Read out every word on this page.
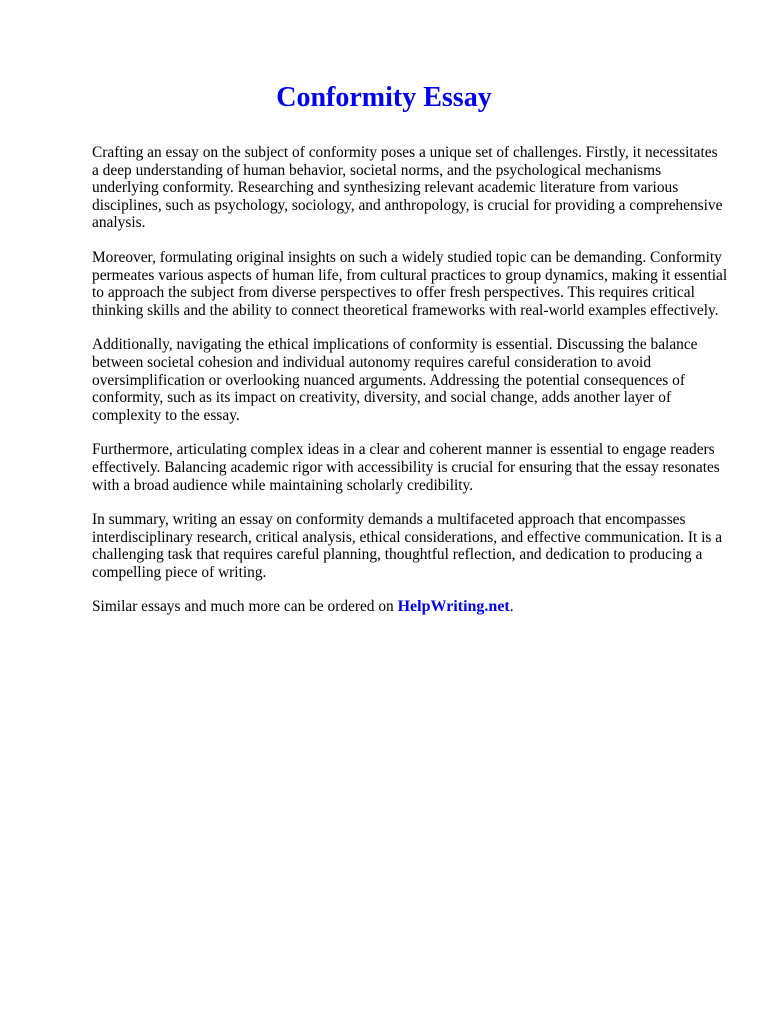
Conformity Essay

Crafting an essay on the subject of conformity poses a unique set of challenges. Firstly, it necessitates a deep understanding of human behavior, societal norms, and the psychological mechanisms underlying conformity. Researching and synthesizing relevant academic literature from various disciplines, such as psychology, sociology, and anthropology, is crucial for providing a comprehensive analysis.

Moreover, formulating original insights on such a widely studied topic can be demanding. Conformity permeates various aspects of human life, from cultural practices to group dynamics, making it essential to approach the subject from diverse perspectives to offer fresh perspectives. This requires critical thinking skills and the ability to connect theoretical frameworks with real-world examples effectively.

Additionally, navigating the ethical implications of conformity is essential. Discussing the balance between societal cohesion and individual autonomy requires careful consideration to avoid oversimplification or overlooking nuanced arguments. Addressing the potential consequences of conformity, such as its impact on creativity, diversity, and social change, adds another layer of complexity to the essay.

Furthermore, articulating complex ideas in a clear and coherent manner is essential to engage readers effectively. Balancing academic rigor with accessibility is crucial for ensuring that the essay resonates with a broad audience while maintaining scholarly credibility.

In summary, writing an essay on conformity demands a multifaceted approach that encompasses interdisciplinary research, critical analysis, ethical considerations, and effective communication. It is a challenging task that requires careful planning, thoughtful reflection, and dedication to producing a compelling piece of writing.

Similar essays and much more can be ordered on HelpWriting.net.
